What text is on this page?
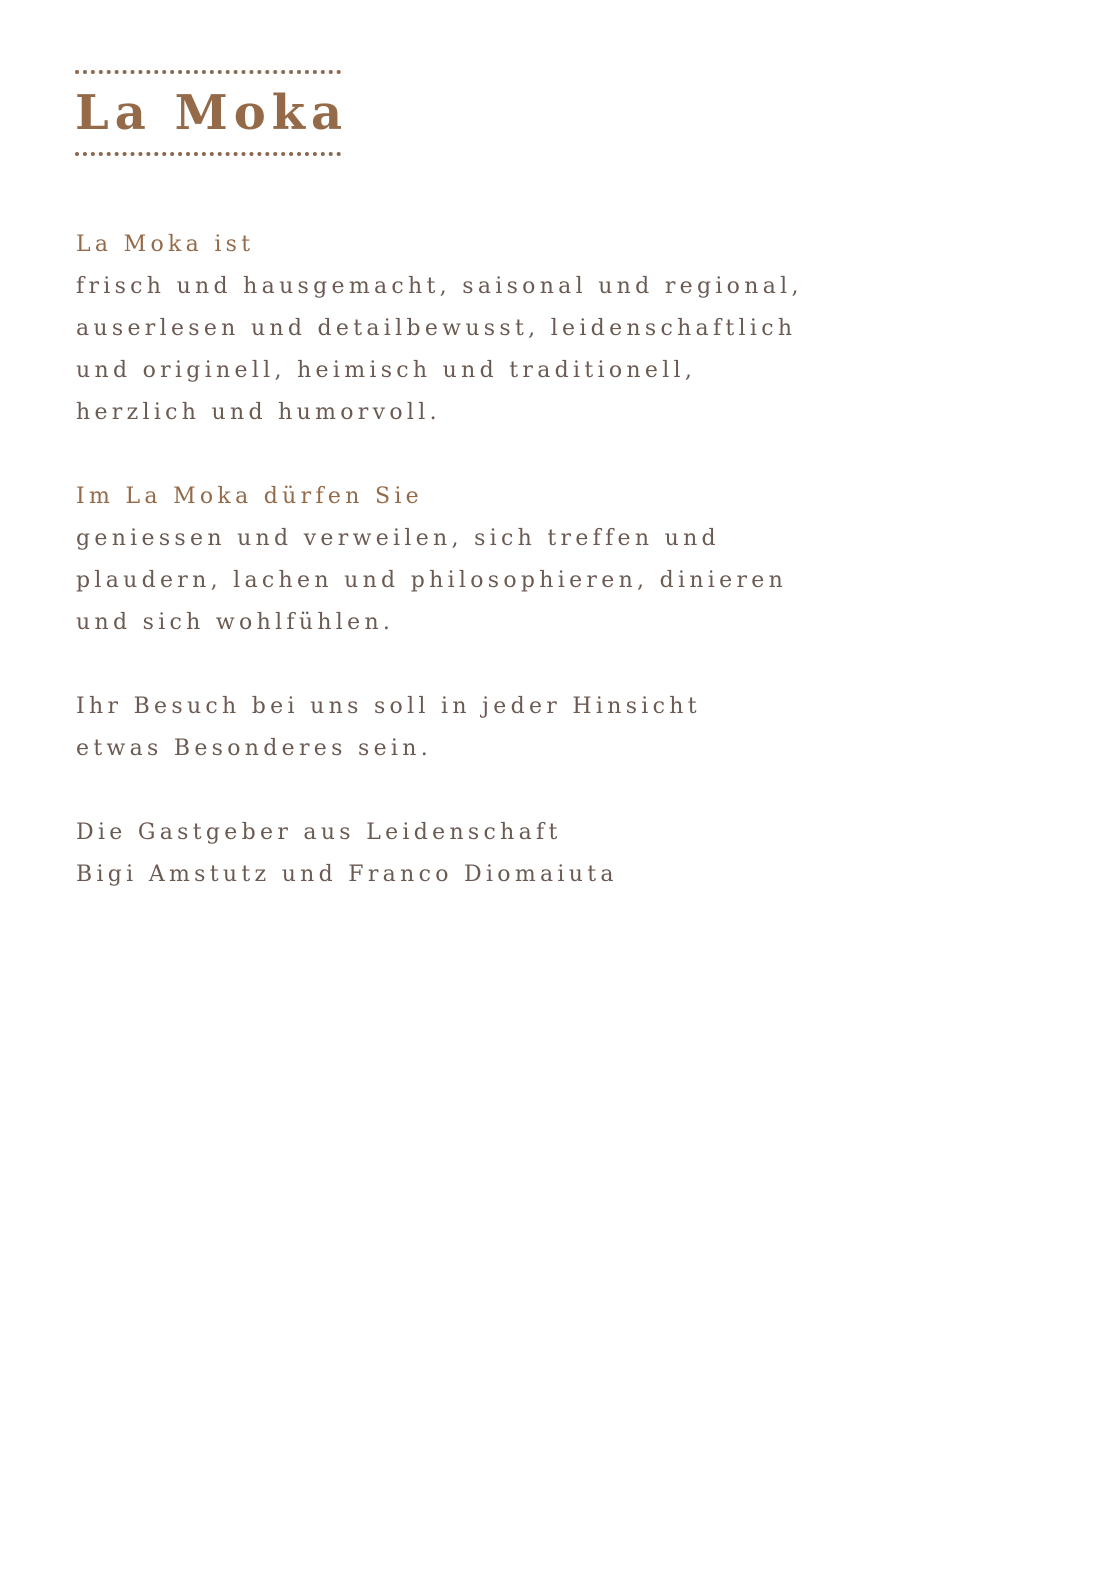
La Moka
La Moka ist
frisch und hausgemacht, saisonal und regional,
auserlesen und detailbewusst, leidenschaftlich
und originell, heimisch und traditionell,
herzlich und humorvoll.
Im La Moka dürfen Sie
geniessen und verweilen, sich treffen und
plaudern, lachen und philosophieren, dinieren
und sich wohlfühlen.
Ihr Besuch bei uns soll in jeder Hinsicht
etwas Besonderes sein.
Die Gastgeber aus Leidenschaft
Bigi Amstutz und Franco Diomaiuta
